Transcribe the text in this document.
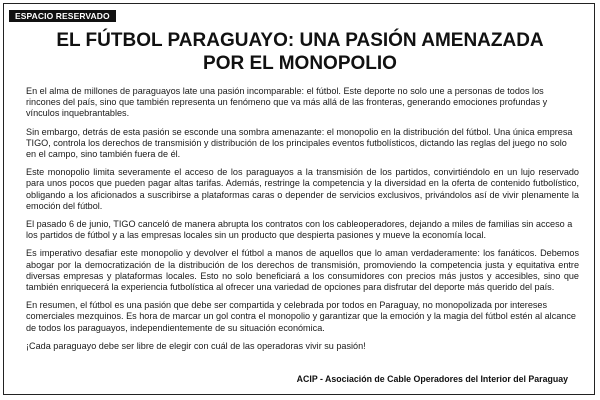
ESPACIO RESERVADO
EL FÚTBOL PARAGUAYO: UNA PASIÓN AMENAZADA
POR EL MONOPOLIO

En el alma de millones de paraguayos late una pasión incomparable: el fútbol. Este deporte no solo une a personas de todos los rincones del país, sino que también representa un fenómeno que va más allá de las fronteras, generando emociones profundas y vínculos inquebrantables.

Sin embargo, detrás de esta pasión se esconde una sombra amenazante: el monopolio en la distribución del fútbol. Una única empresa TIGO, controla los derechos de transmisión y distribución de los principales eventos futbolísticos, dictando las reglas del juego no solo en el campo, sino también fuera de él.

Este monopolio limita severamente el acceso de los paraguayos a la transmisión de los partidos, convirtiéndolo en un lujo reservado para unos pocos que pueden pagar altas tarifas. Además, restringe la competencia y la diversidad en la oferta de contenido futbolístico, obligando a los aficionados a suscribirse a plataformas caras o depender de servicios exclusivos, privándolos así de vivir plenamente la emoción del fútbol.

El pasado 6 de junio, TIGO canceló de manera abrupta los contratos con los cableoperadores, dejando a miles de familias sin acceso a los partidos de fútbol y a las empresas locales sin un producto que despierta pasiones y mueve la economía local.

Es imperativo desafiar este monopolio y devolver el fútbol a manos de aquellos que lo aman verdaderamente: los fanáticos. Debemos abogar por la democratización de la distribución de los derechos de transmisión, promoviendo la competencia justa y equitativa entre diversas empresas y plataformas locales. Esto no solo beneficiará a los consumidores con precios más justos y accesibles, sino que también enriquecerá la experiencia futbolística al ofrecer una variedad de opciones para disfrutar del deporte más querido del país.

En resumen, el fútbol es una pasión que debe ser compartida y celebrada por todos en Paraguay, no monopolizada por intereses comerciales mezquinos. Es hora de marcar un gol contra el monopolio y garantizar que la emoción y la magia del fútbol estén al alcance de todos los paraguayos, independientemente de su situación económica.

¡Cada paraguayo debe ser libre de elegir con cuál de las operadoras vivir su pasión!

ACIP - Asociación de Cable Operadores del Interior del Paraguay
